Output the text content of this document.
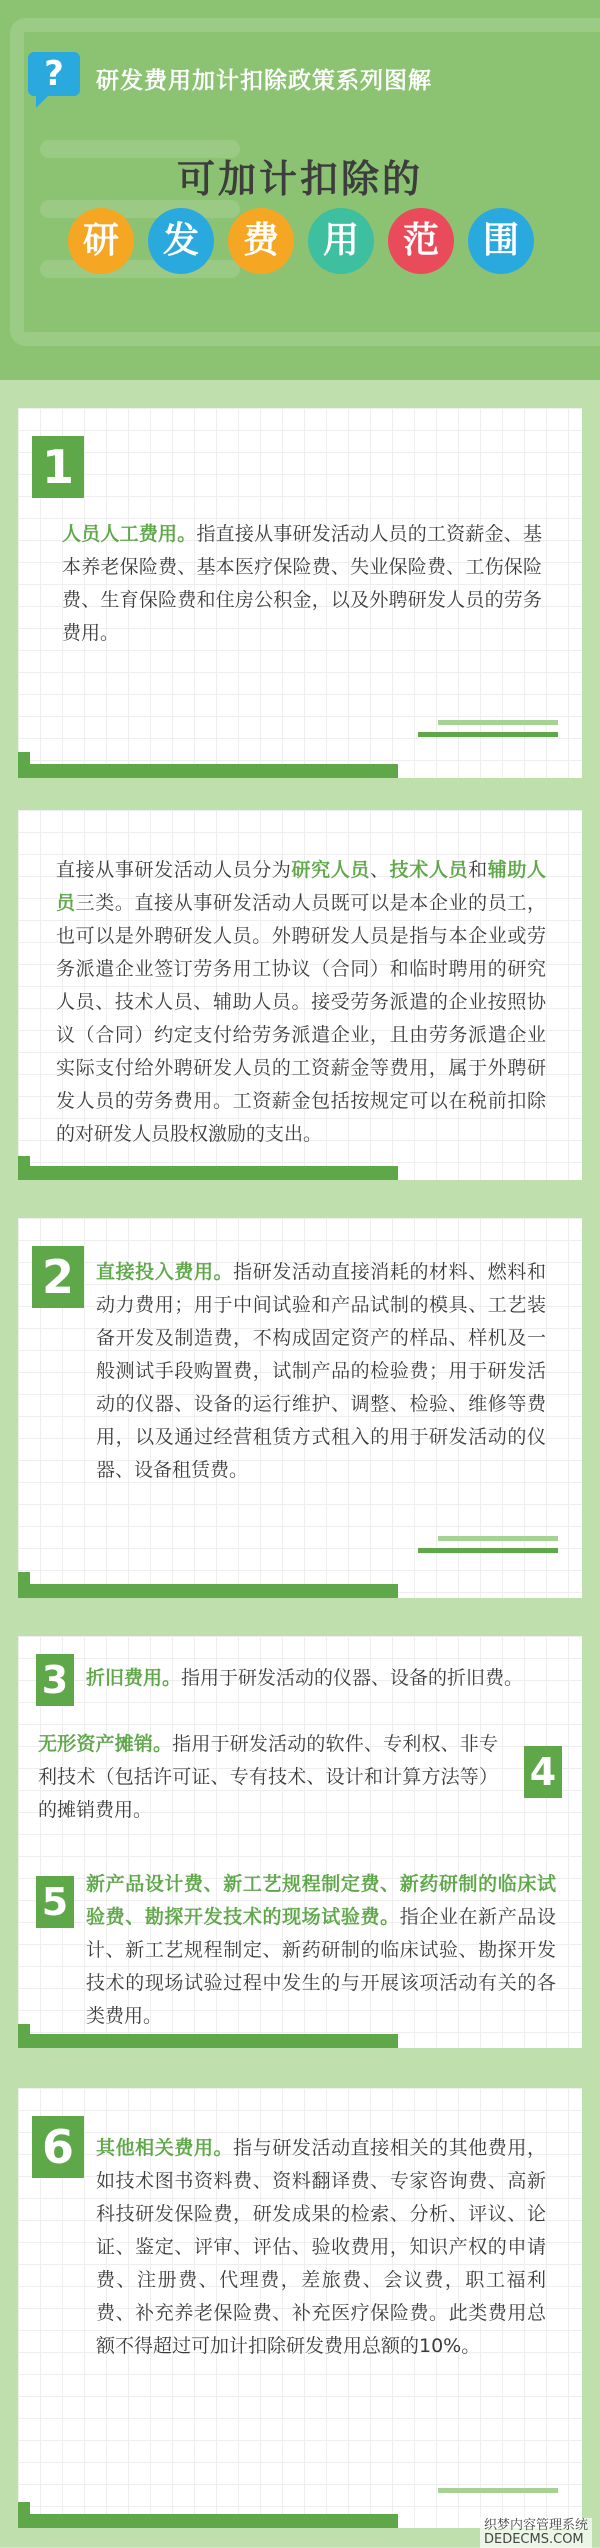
?	研发费用加计扣除政策系列图解
可加计扣除的
研	发	费	用	范	围
1
人员人工费用。指直接从事研发活动人员的工资薪金、基本养老保险费、基本医疗保险费、失业保险费、工伤保险费、生育保险费和住房公积金，以及外聘研发人员的劳务费用。
直接从事研发活动人员分为研究人员、技术人员和辅助人员三类。直接从事研发活动人员既可以是本企业的员工，也可以是外聘研发人员。外聘研发人员是指与本企业或劳务派遣企业签订劳务用工协议（合同）和临时聘用的研究人员、技术人员、辅助人员。接受劳务派遣的企业按照协议（合同）约定支付给劳务派遣企业，且由劳务派遣企业实际支付给外聘研发人员的工资薪金等费用，属于外聘研发人员的劳务费用。工资薪金包括按规定可以在税前扣除的对研发人员股权激励的支出。
2	直接投入费用。指研发活动直接消耗的材料、燃料和动力费用；用于中间试验和产品试制的模具、工艺装备开发及制造费，不构成固定资产的样品、样机及一般测试手段购置费，试制产品的检验费；用于研发活动的仪器、设备的运行维护、调整、检验、维修等费用，以及通过经营租赁方式租入的用于研发活动的仪器、设备租赁费。
3 折旧费用。指用于研发活动的仪器、设备的折旧费。
无形资产摊销。指用于研发活动的软件、专利权、非专利技术（包括许可证、专有技术、设计和计算方法等）的摊销费用。
4
5 新产品设计费、新工艺规程制定费、新药研制的临床试验费、勘探开发技术的现场试验费。指企业在新产品设计、新工艺规程制定、新药研制的临床试验、勘探开发技术的现场试验过程中发生的与开展该项活动有关的各类费用。
6	其他相关费用。指与研发活动直接相关的其他费用，如技术图书资料费、资料翻译费、专家咨询费、高新科技研发保险费，研发成果的检索、分析、评议、论证、鉴定、评审、评估、验收费用，知识产权的申请费、注册费、代理费，差旅费、会议费，职工福利费、补充养老保险费、补充医疗保险费。此类费用总额不得超过可加计扣除研发费用总额的10%。
织梦内容管理系统
DEDECMS.COM
